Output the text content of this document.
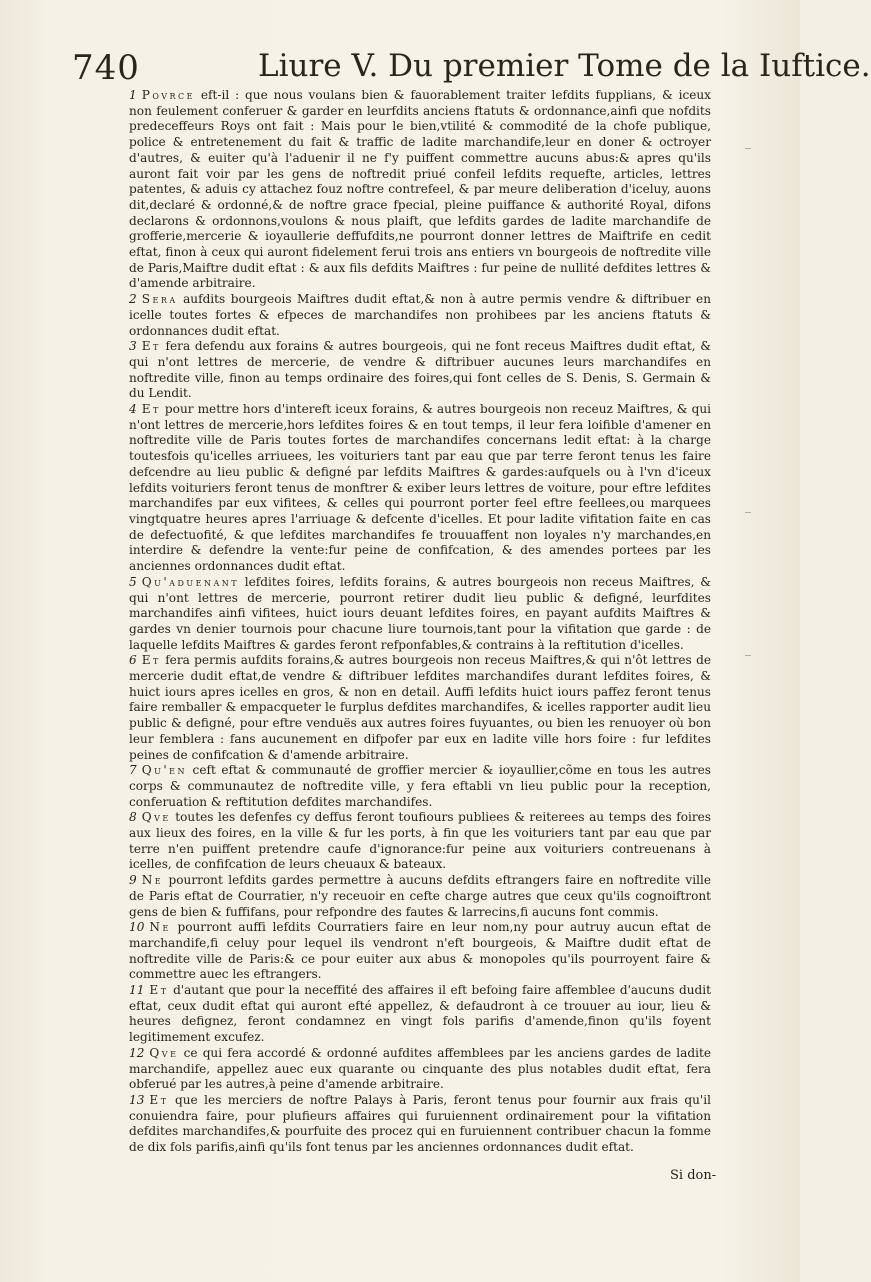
740	Liure V. Du premier Tome de la Iuftice.

1 Povrce eft-il : que nous voulans bien & fauorablement traiter lefdits fupplians, & iceux non feulement conferuer & garder en leurfdits anciens ftatuts & ordonnance,ainfi que nofdits predeceffeurs Roys ont fait : Mais pour le bien,vtilité & commodité de la chofe publique, police & entretenement du fait & traffic de ladite marchandife,leur en doner & octroyer d'autres, & euiter qu'à l'aduenir il ne f'y puiffent commettre aucuns abus:& apres qu'ils auront fait voir par les gens de noftredit priué confeil lefdits requefte, articles, lettres patentes, & aduis cy attachez fouz noftre contrefeel, & par meure deliberation d'iceluy, auons dit,declaré & ordonné,& de noftre grace fpecial, pleine puiffance & authorité Royal, difons declarons & ordonnons,voulons & nous plaift, que lefdits gardes de ladite marchandife de grofferie,mercerie & ioyaullerie deffufdits,ne pourront donner lettres de Maiftrife en cedit eftat, finon à ceux qui auront fidelement ferui trois ans entiers vn bourgeois de noftredite ville de Paris,Maiftre dudit eftat : & aux fils defdits Maiftres : fur peine de nullité defdites lettres & d'amende arbitraire.

2 Sera aufdits bourgeois Maiftres dudit eftat,& non à autre permis vendre & diftribuer en icelle toutes fortes & efpeces de marchandifes non prohibees par les anciens ftatuts & ordonnances dudit eftat.

3 Et fera defendu aux forains & autres bourgeois, qui ne font receus Maiftres dudit eftat, & qui n'ont lettres de mercerie, de vendre & diftribuer aucunes leurs marchandifes en noftredite ville, finon au temps ordinaire des foires,qui font celles de S. Denis, S. Germain & du Lendit.

4 Et pour mettre hors d'intereft iceux forains, & autres bourgeois non receuz Maiftres, & qui n'ont lettres de mercerie,hors lefdites foires & en tout temps, il leur fera loifible d'amener en noftredite ville de Paris toutes fortes de marchandifes concernans ledit eftat: à la charge toutesfois qu'icelles arriuees, les voituriers tant par eau que par terre feront tenus les faire defcendre au lieu public & defigné par lefdits Maiftres & gardes:aufquels ou à l'vn d'iceux lefdits voituriers feront tenus de monftrer & exiber leurs lettres de voiture, pour eftre lefdites marchandifes par eux vifitees, & celles qui pourront porter feel eftre feellees,ou marquees vingtquatre heures apres l'arriuage & defcente d'icelles. Et pour ladite vifitation faite en cas de defectuofité, & que lefdites marchandifes fe trouuaffent non loyales n'y marchandes,en interdire & defendre la vente:fur peine de confifcation, & des amendes portees par les anciennes ordonnances dudit eftat.

5 Qu'aduenant lefdites foires, lefdits forains, & autres bourgeois non receus Maiftres, & qui n'ont lettres de mercerie, pourront retirer dudit lieu public & defigné, leurfdites marchandifes ainfi vifitees, huict iours deuant lefdites foires, en payant aufdits Maiftres & gardes vn denier tournois pour chacune liure tournois,tant pour la vifitation que garde : de laquelle lefdits Maiftres & gardes feront refponfables,& contrains à la reftitution d'icelles.

6 Et fera permis aufdits forains,& autres bourgeois non receus Maiftres,& qui n'ôt lettres de mercerie dudit eftat,de vendre & diftribuer lefdites marchandifes durant lefdites foires, & huict iours apres icelles en gros, & non en detail. Auffi lefdits huict iours paffez feront tenus faire remballer & empacqueter le furplus defdites marchandifes, & icelles rapporter audit lieu public & defigné, pour eftre venduës aux autres foires fuyuantes, ou bien les renuoyer où bon leur femblera : fans aucunement en difpofer par eux en ladite ville hors foire : fur lefdites peines de confifcation & d'amende arbitraire.

7 Qu'en ceft eftat & communauté de groffier mercier & ioyaullier,cõme en tous les autres corps & communautez de noftredite ville, y fera eftabli vn lieu public pour la reception, conferuation & reftitution defdites marchandifes.

8 Qve toutes les defenfes cy deffus feront toufiours publiees & reiterees au temps des foires aux lieux des foires, en la ville & fur les ports, à fin que les voituriers tant par eau que par terre n'en puiffent pretendre caufe d'ignorance:fur peine aux voituriers contreuenans à icelles, de confifcation de leurs cheuaux & bateaux.

9 Ne pourront lefdits gardes permettre à aucuns defdits eftrangers faire en noftredite ville de Paris eftat de Courratier, n'y receuoir en cefte charge autres que ceux qu'ils cognoiftront gens de bien & fuffifans, pour refpondre des fautes & larrecins,fi aucuns font commis.

10 Ne pourront auffi lefdits Courratiers faire en leur nom,ny pour autruy aucun eftat de marchandife,fi celuy pour lequel ils vendront n'eft bourgeois, & Maiftre dudit eftat de noftredite ville de Paris:& ce pour euiter aux abus & monopoles qu'ils pourroyent faire & commettre auec les eftrangers.

11 Et d'autant que pour la neceffité des affaires il eft befoing faire affemblee d'aucuns dudit eftat, ceux dudit eftat qui auront efté appellez, & defaudront à ce trouuer au iour, lieu & heures defignez, feront condamnez en vingt fols parifis d'amende,finon qu'ils foyent legitimement excufez.

12 Qve ce qui fera accordé & ordonné aufdites affemblees par les anciens gardes de ladite marchandife, appellez auec eux quarante ou cinquante des plus notables dudit eftat, fera obferué par les autres,à peine d'amende arbitraire.

13 Et que les merciers de noftre Palays à Paris, feront tenus pour fournir aux frais qu'il conuiendra faire, pour plufieurs affaires qui furuiennent ordinairement pour la vifitation defdites marchandifes,& pourfuite des procez qui en furuiennent contribuer chacun la fomme de dix fols parifis,ainfi qu'ils font tenus par les anciennes ordonnances dudit eftat.

Si don-
